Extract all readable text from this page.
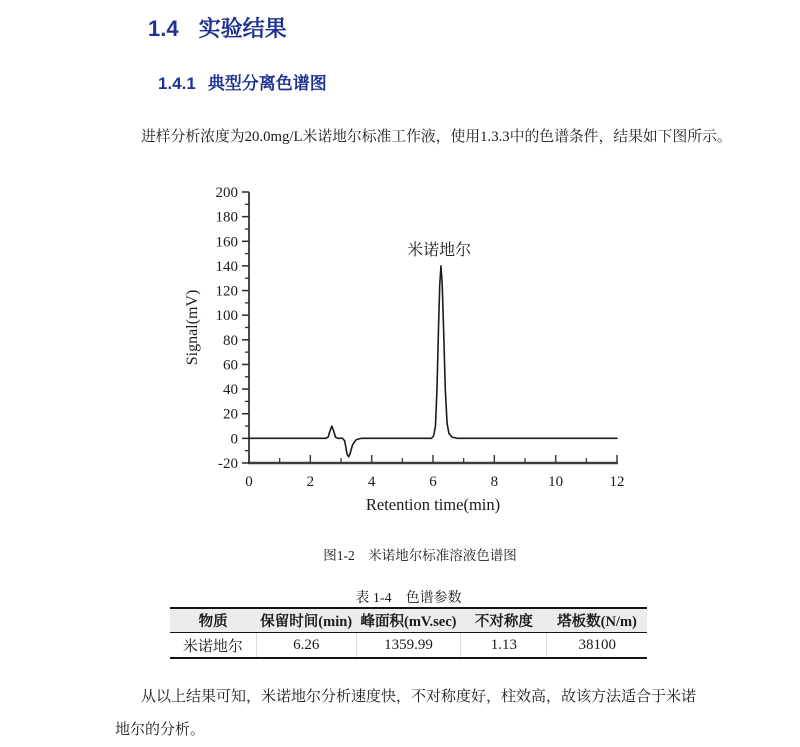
1.4 实验结果
1.4.1 典型分离色谱图

进样分析浓度为20.0mg/L米诺地尔标准工作液，使用1.3.3中的色谱条件，结果如下图所示。

0	2	4	6	8	10	12
-20
0
20
40
60
80
100
120
140
160
180
200
Retention time(min)
Signal(mV)
米诺地尔
图1-2　米诺地尔标准溶液色谱图
表 1-4　色谱参数
物质	保留时间(min)	峰面积(mV.sec)	不对称度	塔板数(N/m)
米诺地尔	6.26	1359.99	1.13	38100

从以上结果可知，米诺地尔分析速度快，不对称度好，柱效高，故该方法适合于米诺地尔的分析。
